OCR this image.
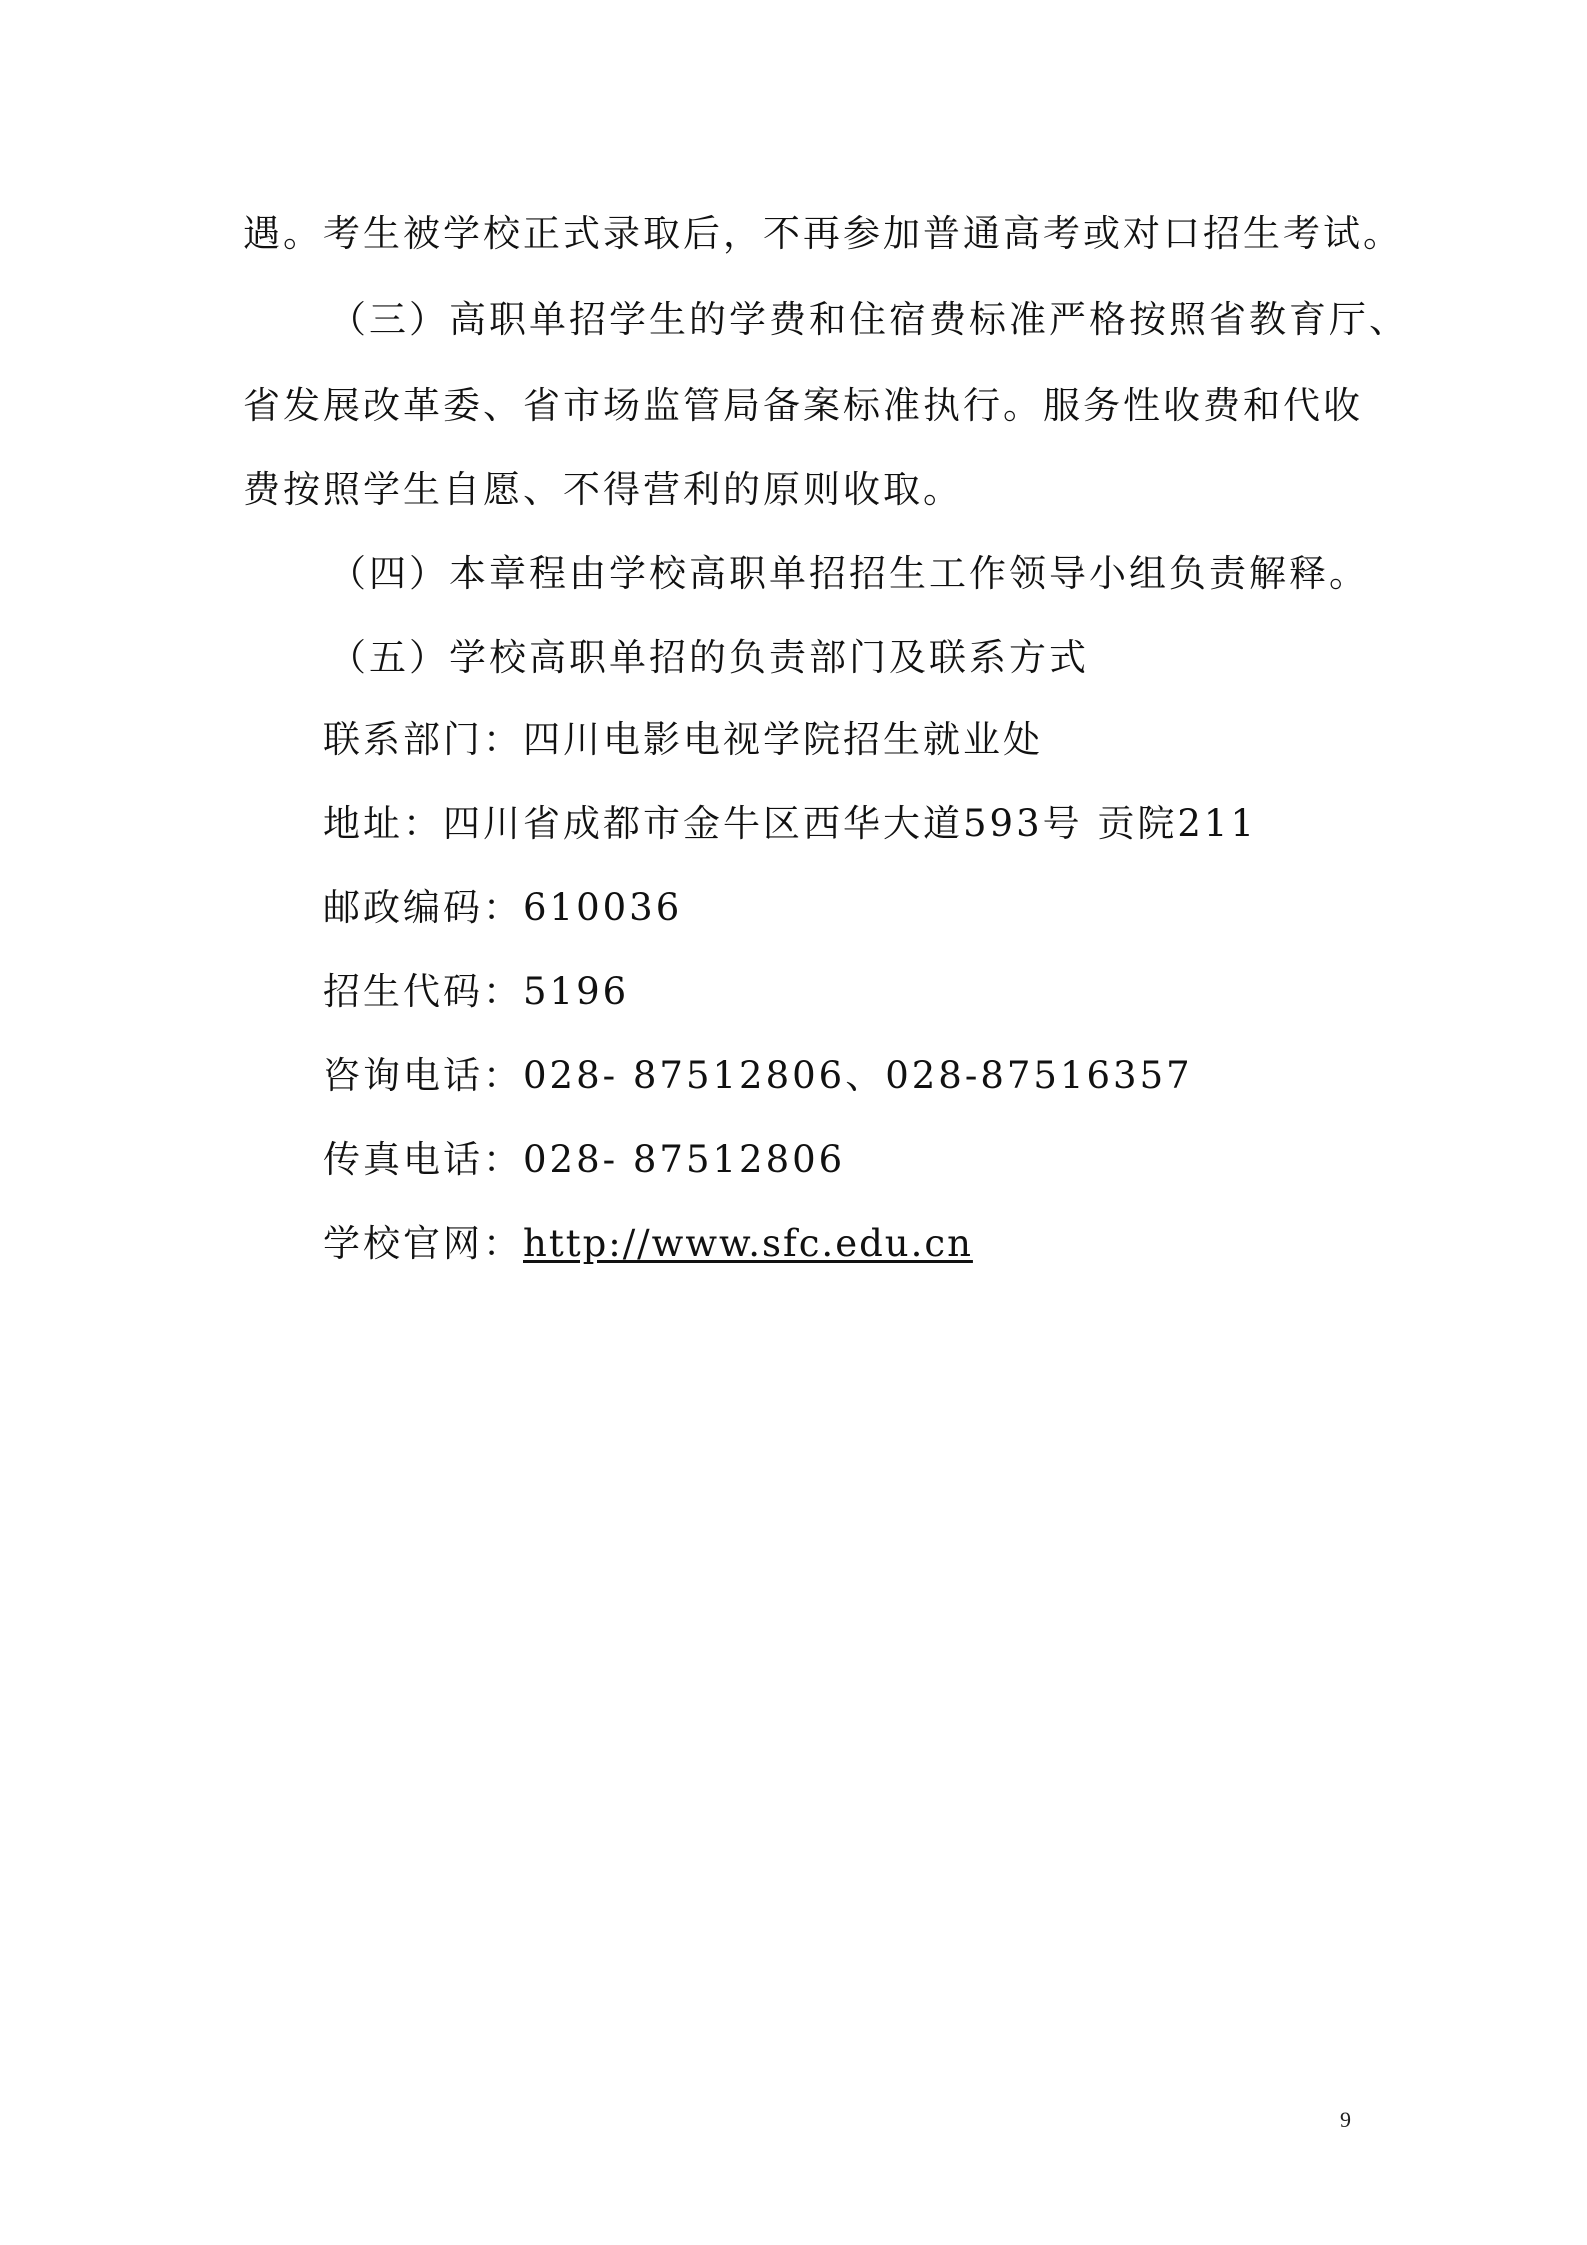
遇。考生被学校正式录取后，不再参加普通高考或对口招生考试。
（三）高职单招学生的学费和住宿费标准严格按照省教育厅、
省发展改革委、省市场监管局备案标准执行。服务性收费和代收
费按照学生自愿、不得营利的原则收取。
（四）本章程由学校高职单招招生工作领导小组负责解释。
（五）学校高职单招的负责部门及联系方式
联系部门：四川电影电视学院招生就业处
地址：四川省成都市金牛区西华大道593号 贡院211
邮政编码：610036
招生代码：5196
咨询电话：028- 87512806、028-87516357
传真电话：028- 87512806
学校官网：http://www.sfc.edu.cn
9
